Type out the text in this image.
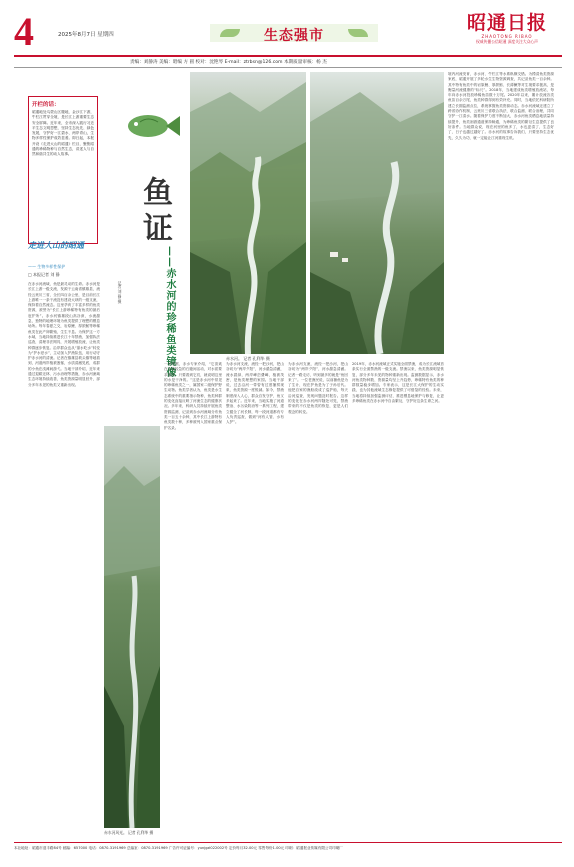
4	2025年8月7日 星期四	生态强市
昭通日报
ZHAOTONG RIBAO
权威传播公信昭通 深度关注大众心声
责编：刘静涛 美编：昭编 方 圆 校对：沈艳琴 E-mail：ztrbsn@126.com 本期质量审核：杨 杰
开栏的话：
昭通地处乌蒙山区腹地，金沙江下游，牛栏江贯穿全境，是长江上游重要生态安全屏障。近年来，全市深入践行习近平生态文明思想，坚持生态优先、绿色发展，守护好一江碧水、两岸青山，生物多样性保护成效显著。即日起，本报开设《走进大山的昭通》栏目，聚焦昭通的珍稀物种与自然生态，讲述人与自然和谐共生的动人故事。
走进大山的昭通
—— 生物多样性保护
□ 本报记者 刘 静
在赤水河流域，鱼是最灵动的生命。赤水河是长江上游一级支流，发源于云南省镇雄县，流经云贵川三省，全长四百余公里，是目前长江上游唯一一条干流没有建设大坝的一级支流，保持着自然流态。这里孕育了丰富多样的鱼类资源，被誉为“长江上游珍稀特有鱼类的最后庇护所”。赤水河镇雄段山高谷深，水流湍急，独特的地理环境为鱼类提供了理想的栖息场所。每年春夏之交，岩原鲤、厚颌鲂等珍稀鱼类在此产卵繁殖，生生不息。为保护这一方水域，当地持续推进长江十年禁渔，加强执法巡查，清理非法网具，开展增殖放流，让鱼类种群逐步恢复。沿岸群众也从“靠水吃水”转变为“护水爱水”，主动加入护渔队伍，用行动守护赤水河的清流。记者在镇雄县坡头镇等地看到，河道两岸植被葱郁，水质清澈见底，成群的小鱼在浅滩间游弋。当地干部介绍，近年来通过退耕还林、污水治理等措施，赤水河流域生态环境持续改善，鱼类资源量明显回升，部分多年未见的鱼类又重新出现。
鱼证
——赤水河的珍稀鱼类镜像
记者 刘 静 摄
赤水河。 记者 孔利华 摄
赤水河风光。 记者 孔利华 摄
一种观察，赤水专家介绍，“它喜欢在水流较急的石缝间活动，对水质要求很高，只要看到它们，就说明这里的水是干净的。”这是赤水河中常见的珍稀鱼类之一，属国家二级保护野生动物。鱼类学者认为，鱼类是水生态系统中的重要指示物种，鱼类种群的变化直接反映了河流生态的健康状况。多年来，科研人员持续开展鱼类资源监测，记录到赤水河流域分布鱼类一百五十余种，其中长江上游特有鱼类数十种，多种被列入国家重点保护名录。
为赤水河支流，流经一把沙河，把山谷切为“两岸夕阳”，河水湍急清澈，流水碧绿，两岸峰峦叠嶂，植被茂密，是鱼类理想的家园。当地干部说，过去沿河一带曾有过度捕捞现象，鱼类资源一度锐减。如今，禁渔制度深入人心，群众自发守护，鱼又多起来了。近年来，当地实施了河道整治、水污染防治等一系列工程，建立健全了河长制，每一段河道都有专人负责巡查，做到“河有人管、水有人护”。
为赤水河支流，流经一把沙河，把山谷切为“两岸夕阳”，河水湍急清澈。记者一路走访，听到最多的就是“鱼回来了”。一位老渔民说，以前捕鱼是为了生计，现在护鱼是为了子孙后代。他把自家的渔船改成了巡护船，每天沿河巡查，发现问题及时报告。这样的变化在赤水河两岸随处可见，禁渔带来的不仅是鱼类的恢复，更是人们观念的转变。
2019年，赤水河流域正式实施全面禁渔，成为长江流域首条实行全面禁渔的一级支流。禁渔以来，鱼类资源明显恢复，部分多年未见的物种重新出现。监测数据显示，赤水河鱼类物种数、资源量均呈上升趋势，珍稀特有鱼类的种群数量稳步增加。专家表示，这是长江大保护的生动实践，也为其他流域生态修复提供了可借鉴的经验。未来，当地将持续加强监测评估，推进栖息地保护与修复，让更多珍稀鱼类在赤水河中自由繁衍，守护好这条生命之河。
境内河流发育，赤水河、牛栏江等水系纵横交错。为摸清鱼类资源家底，昭通开展了多轮水生生物资源调查，共记录鱼类一百余种。其中特有鱼类中的岩原鲤、厚颌鲂、长薄鳅等对生境要求极高，是衡量河流健康的“标尺”。2018年，当地建成鱼类增殖放流站，每年向赤水河投放珍稀鱼苗数十万尾。2020年以来，累计放流各类鱼苗百余万尾，鱼类种群得到有效补充。同时，当地依托科研院所建立长期监测点位，系统掌握鱼类资源动态。赤水河流域还建立了跨省协作机制，云贵川三省联合执法、联合监测、联合治理，共同守护一江清水。随着保护力度不断加大，赤水河鱼类栖息地质量持续提升，鱼类洄游通道保持畅通，为珍稀鱼类的繁衍生息提供了良好条件。当地群众说，现在河里的鱼多了，水也更清了，生态好了，日子也越过越好了。赤水河的故事告诉我们，只要坚持生态优先，久久为功，就一定能让江河重现生机。
本社地址：昭通市迎丰路84号 邮编：657000 电话：0870-3191969 总编室：0870-3191969 广告许可证编号：yunjgzl022002号 定价每月32.00元 零售每份1.00元 印刷：昭通报业传媒有限公司印刷厂
